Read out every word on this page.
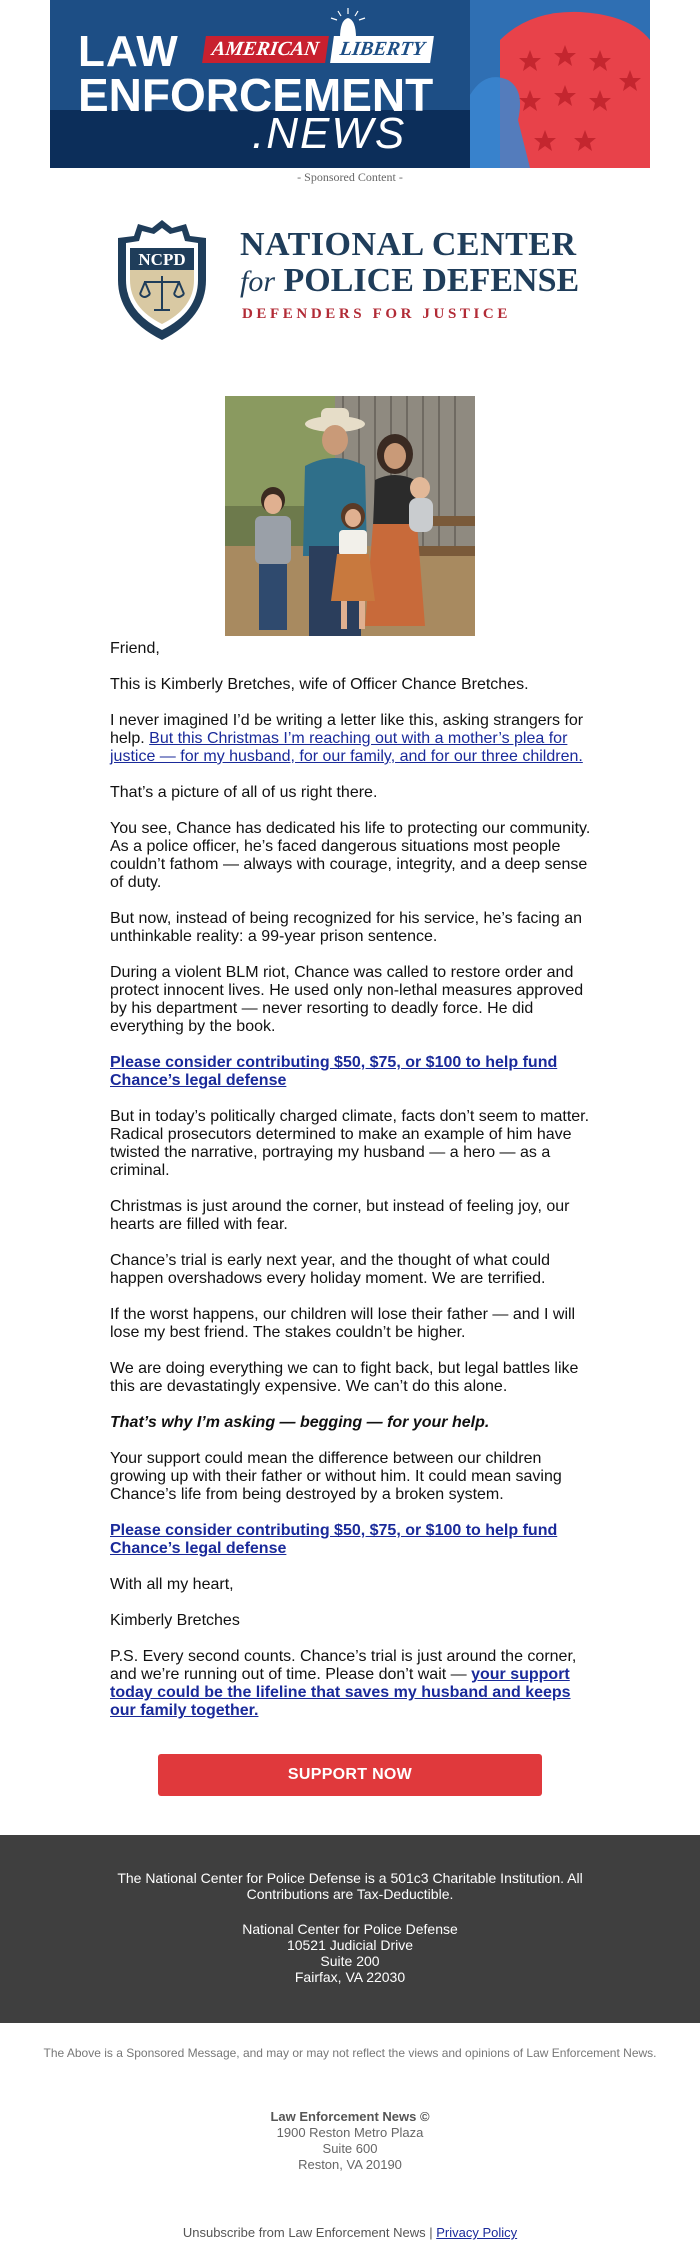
AMERICAN LIBERTY
LAW
ENFORCEMENT
.NEWS
- Sponsored Content -
NCPD NATIONAL CENTER
for POLICE DEFENSE
DEFENDERS FOR JUSTICE

Friend,

This is Kimberly Bretches, wife of Officer Chance Bretches.

I never imagined I’d be writing a letter like this, asking strangers for help. But this Christmas I’m reaching out with a mother’s plea for justice — for my husband, for our family, and for our three children.

That’s a picture of all of us right there.

You see, Chance has dedicated his life to protecting our community. As a police officer, he’s faced dangerous situations most people couldn’t fathom — always with courage, integrity, and a deep sense of duty.

But now, instead of being recognized for his service, he’s facing an unthinkable reality: a 99-year prison sentence.

During a violent BLM riot, Chance was called to restore order and protect innocent lives. He used only non-lethal measures approved by his department — never resorting to deadly force. He did everything by the book.

Please consider contributing $50, $75, or $100 to help fund Chance’s legal defense

But in today’s politically charged climate, facts don’t seem to matter. Radical prosecutors determined to make an example of him have twisted the narrative, portraying my husband — a hero — as a criminal.

Christmas is just around the corner, but instead of feeling joy, our hearts are filled with fear.

Chance’s trial is early next year, and the thought of what could happen overshadows every holiday moment. We are terrified.

If the worst happens, our children will lose their father — and I will lose my best friend. The stakes couldn’t be higher.

We are doing everything we can to fight back, but legal battles like this are devastatingly expensive. We can’t do this alone.

That’s why I’m asking — begging — for your help.

Your support could mean the difference between our children growing up with their father or without him. It could mean saving Chance’s life from being destroyed by a broken system.

Please consider contributing $50, $75, or $100 to help fund Chance’s legal defense

With all my heart,

Kimberly Bretches

P.S. Every second counts. Chance’s trial is just around the corner, and we’re running out of time. Please don’t wait — your support today could be the lifeline that saves my husband and keeps our family together.

SUPPORT NOW
The National Center for Police Defense is a 501c3 Charitable Institution. All Contributions are Tax-Deductible.
National Center for Police Defense
10521 Judicial Drive
Suite 200
Fairfax, VA 22030
The Above is a Sponsored Message, and may or may not reflect the views and opinions of Law Enforcement News.
Law Enforcement News ©
1900 Reston Metro Plaza
Suite 600
Reston, VA 20190
Unsubscribe from Law Enforcement News | Privacy Policy
